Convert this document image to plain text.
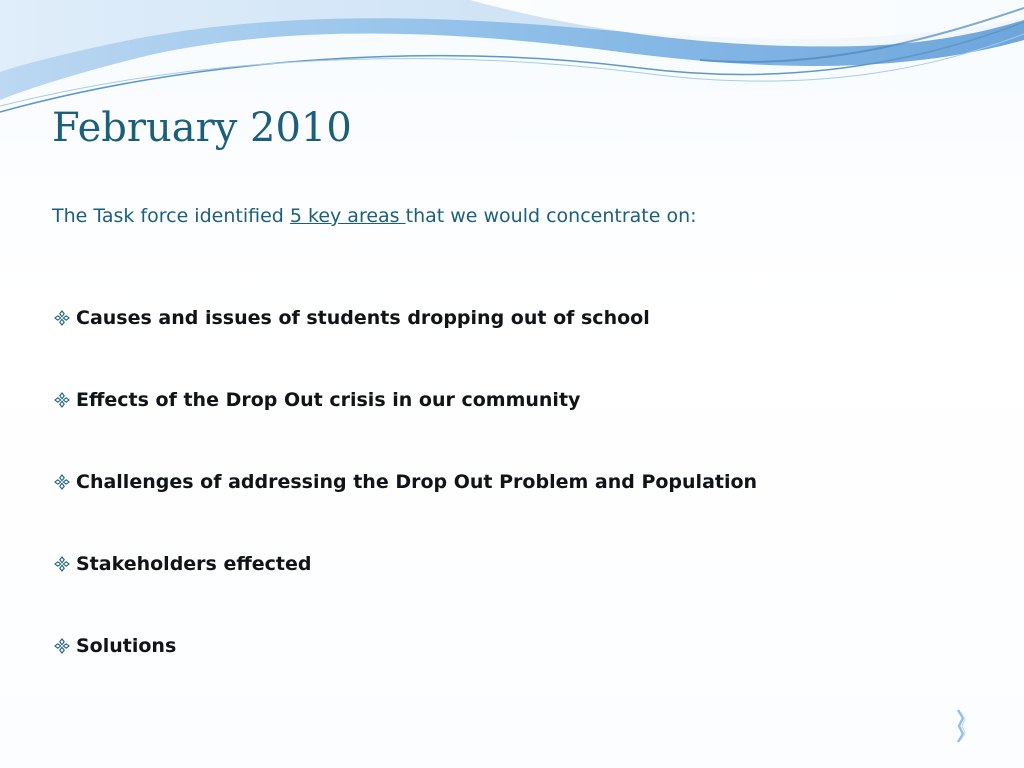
February 2010

The Task force identified 5 key areas that we would concentrate on:

Causes and issues of students dropping out of school
Effects of the Drop Out crisis in our community
Challenges of addressing the Drop Out Problem and Population
Stakeholders effected
Solutions
